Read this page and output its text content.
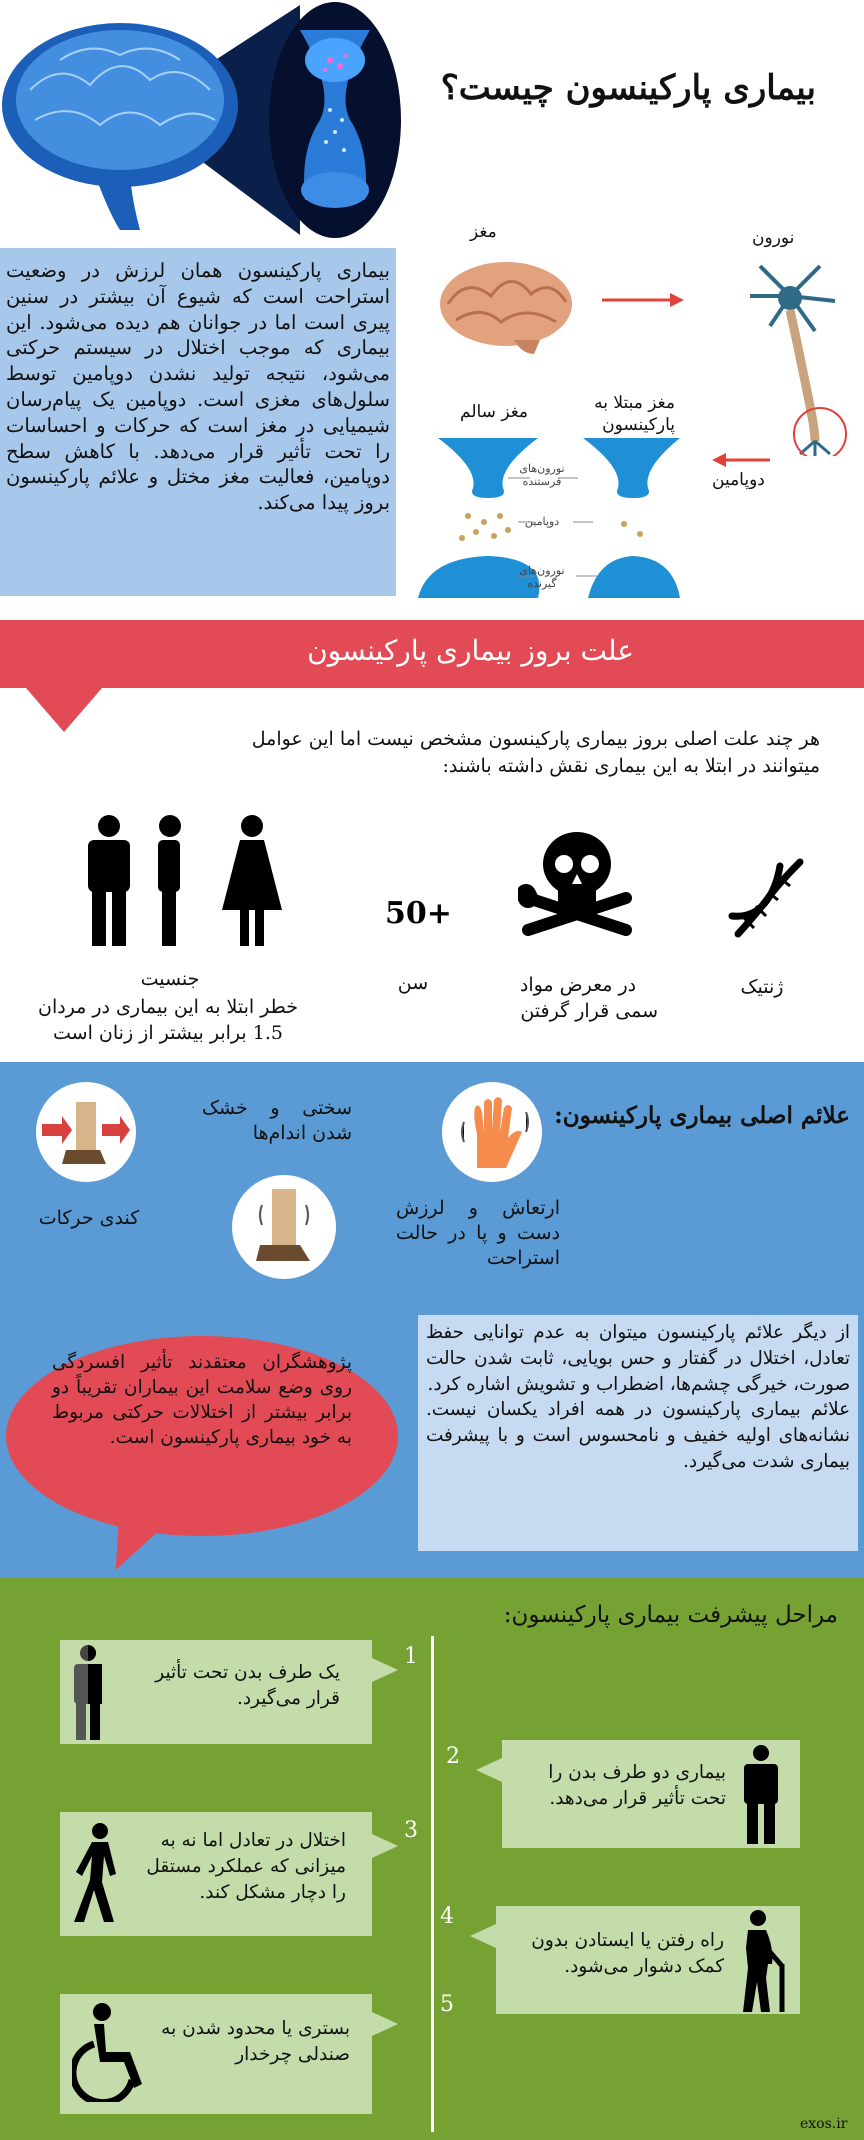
بیماری پارکینسون چیست؟
بیماری پارکینسون همان لرزش در وضعیت استراحت است که شیوع آن بیشتر در سنین پیری است اما در جوانان هم دیده می‌شود. این بیماری که موجب اختلال در سیستم حرکتی می‌شود، نتیجه تولید نشدن دوپامین توسط سلول‌های مغزی است. دوپامین یک پیام‌رسان شیمیایی در مغز است که حرکات و احساسات را تحت تأثیر قرار می‌دهد. با کاهش سطح دوپامین، فعالیت مغز مختل و علائم پارکینسون بروز پیدا می‌کند.
مغز	نورون
مغز سالم	مغز مبتلا به پارکینسون
دوپامین
نورون‌های فرستنده
دوپامین
نورون‌های گیرنده
علت بروز بیماری پارکینسون
هر چند علت اصلی بروز بیماری پارکینسون مشخص نیست اما این عوامل میتوانند در ابتلا به این بیماری نقش داشته باشند:
50+
جنسیت
خطر ابتلا به این بیماری در مردان 1.5 برابر بیشتر از زنان است
سن	در معرض مواد سمی قرار گرفتن
ژنتیک
علائم اصلی بیماری پارکینسون:
ارتعاش و لرزش دست و پا در حالت استراحت
سختی و خشک شدن اندام‌ها
کندی حرکات
از دیگر علائم پارکینسون میتوان به عدم توانایی حفظ تعادل، اختلال در گفتار و حس بویایی، ثابت شدن حالت صورت، خیرگی چشم‌ها، اضطراب و تشویش اشاره کرد.
علائم بیماری پارکینسون در همه افراد یکسان نیست. نشانه‌های اولیه خفیف و نامحسوس است و با پیشرفت بیماری شدت می‌گیرد.
پژوهشگران معتقدند تأثیر افسردگی روی وضع سلامت این بیماران تقریباً دو برابر بیشتر از اختلالات حرکتی مربوط به خود بیماری پارکینسون است.
مراحل پیشرفت بیماری پارکینسون:
یک طرف بدن تحت تأثیر قرار می‌گیرد.
1
بیماری دو طرف بدن را تحت تأثیر قرار می‌دهد.
2
اختلال در تعادل اما نه به میزانی که عملکرد مستقل را دچار مشکل کند.
3
راه رفتن یا ایستادن بدون کمک دشوار می‌شود.
4
بستری یا محدود شدن به صندلی چرخدار
5
exos.ir
